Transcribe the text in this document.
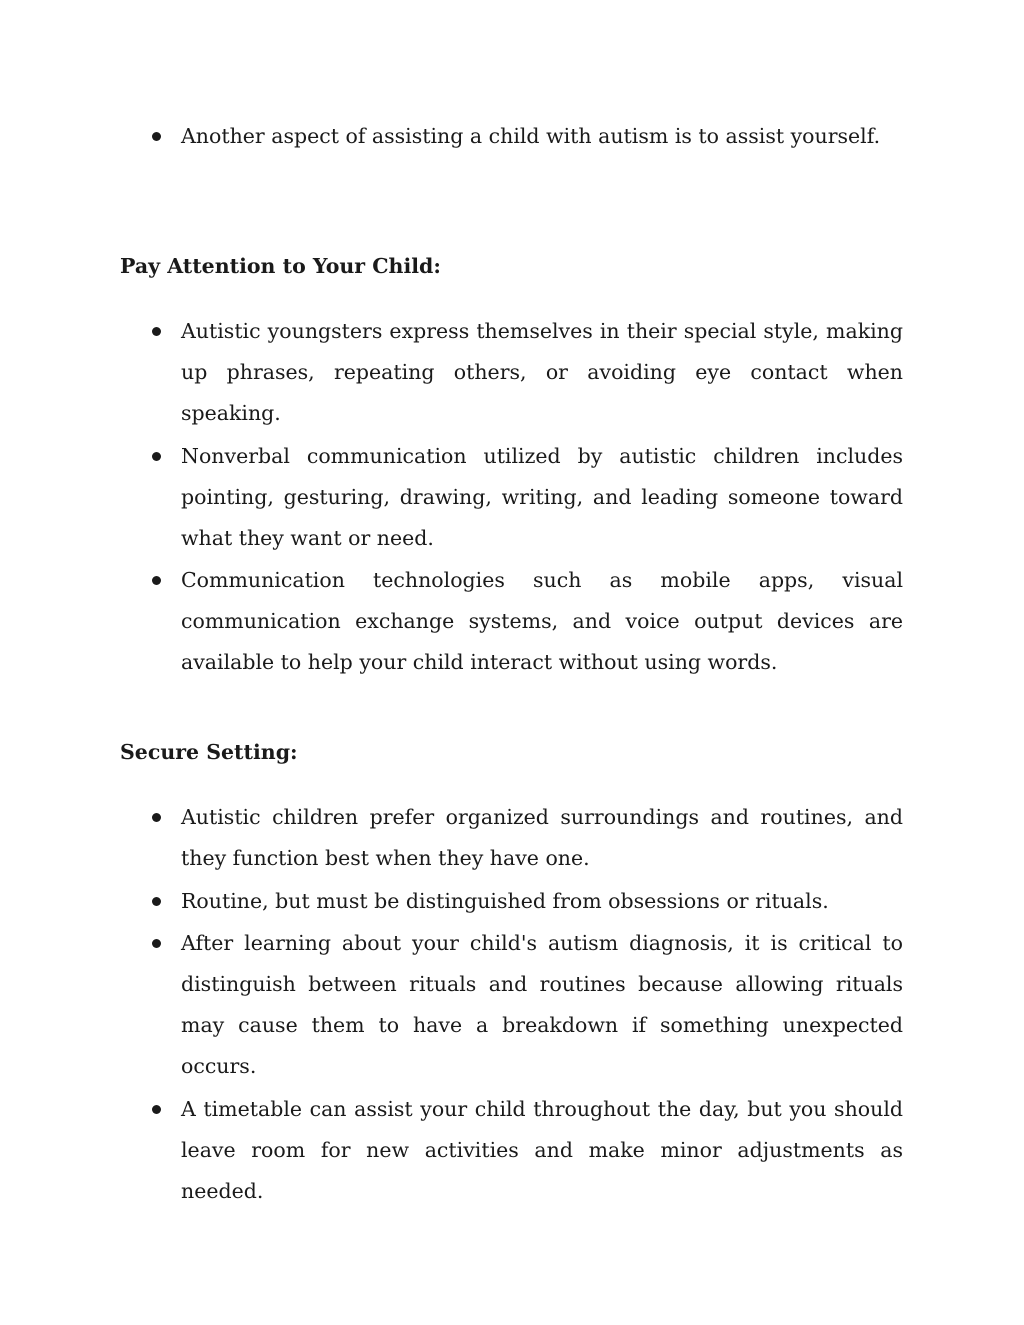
Another aspect of assisting a child with autism is to assist yourself.
Pay Attention to Your Child:
Autistic youngsters express themselves in their special style, making up phrases, repeating others, or avoiding eye contact when speaking.
Nonverbal communication utilized by autistic children includes pointing, gesturing, drawing, writing, and leading someone toward what they want or need.
Communication technologies such as mobile apps, visual communication exchange systems, and voice output devices are available to help your child interact without using words.
Secure Setting:
Autistic children prefer organized surroundings and routines, and they function best when they have one.
Routine, but must be distinguished from obsessions or rituals.
After learning about your child's autism diagnosis, it is critical to distinguish between rituals and routines because allowing rituals may cause them to have a breakdown if something unexpected occurs.
A timetable can assist your child throughout the day, but you should leave room for new activities and make minor adjustments as needed.
